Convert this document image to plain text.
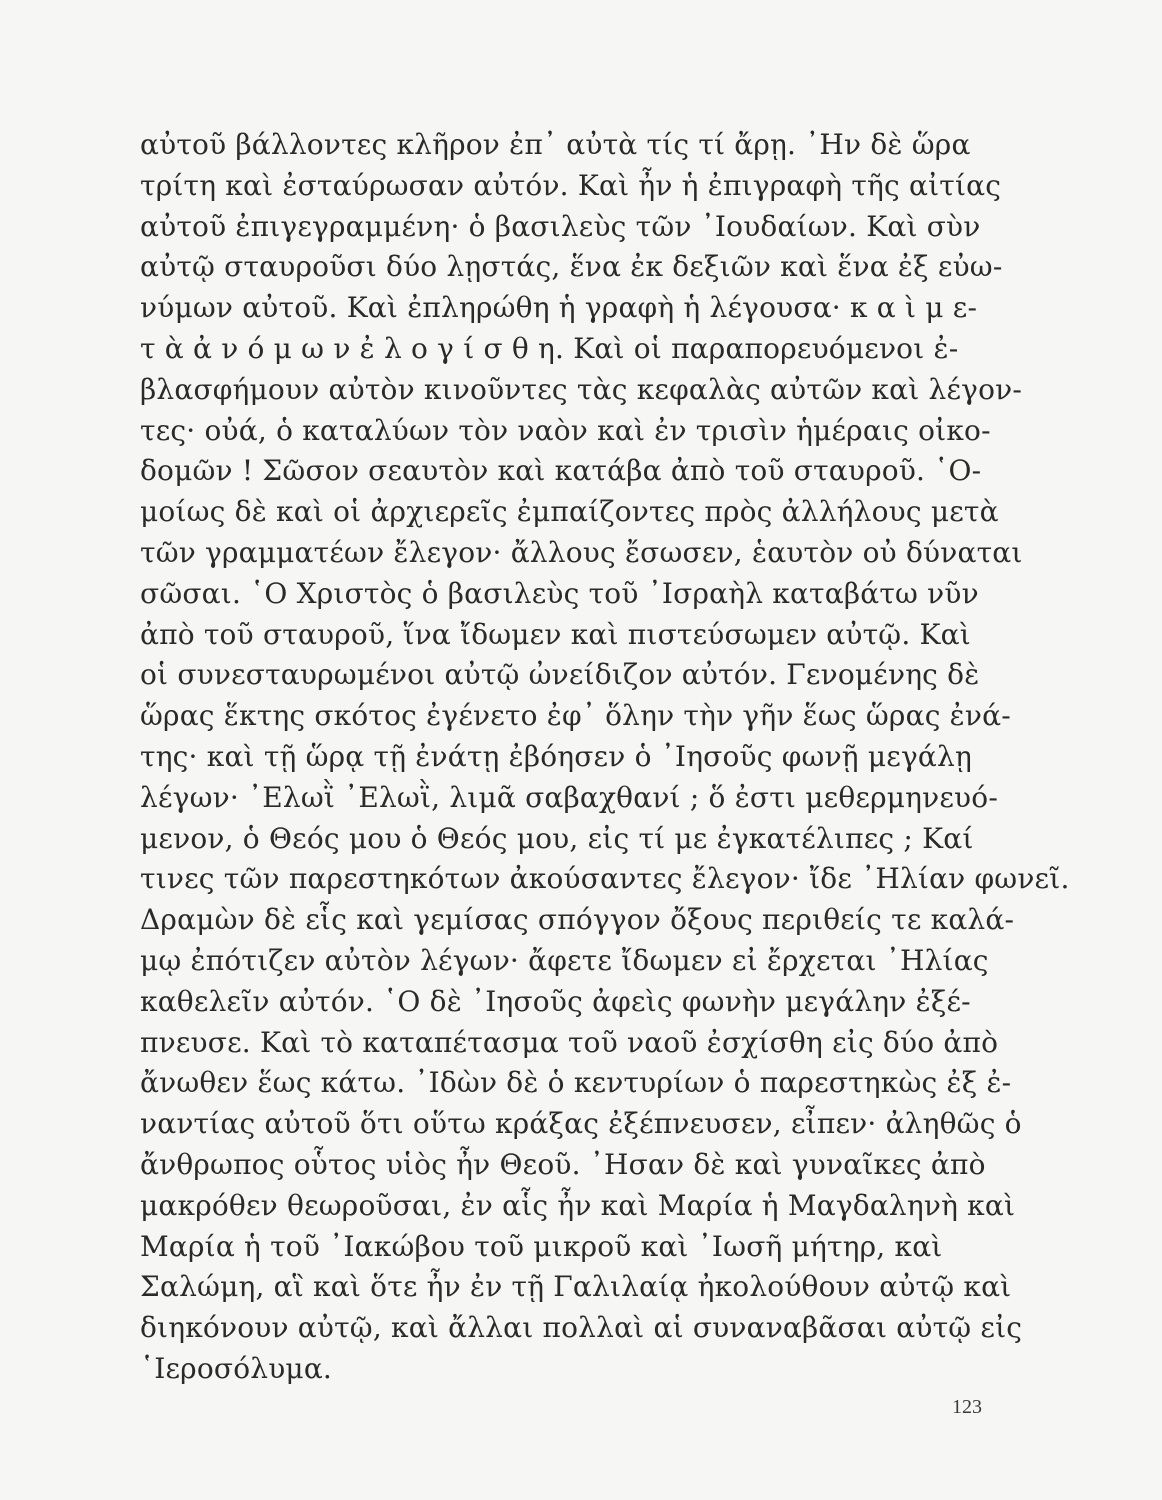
αὐτοῦ βάλλοντες κλῆρον ἐπ᾽ αὐτὰ τίς τί ἄρῃ. ᾿Ην δὲ ὥρα
τρίτη καὶ ἐσταύρωσαν αὐτόν. Καὶ ἦν ἡ ἐπιγραφὴ τῆς αἰτίας
αὐτοῦ ἐπιγεγραμμένη· ὁ βασιλεὺς τῶν ᾿Ιουδαίων. Καὶ σὺν
αὐτῷ σταυροῦσι δύο λῃστάς, ἕνα ἐκ δεξιῶν καὶ ἕνα ἐξ εὐω-
νύμων αὐτοῦ. Καὶ ἐπληρώθη ἡ γραφὴ ἡ λέγουσα· κ α ὶ μ ε-
τ ὰ ἀ ν ό μ ω ν ἐ λ ο γ ί σ θ η. Καὶ οἱ παραπορευόμενοι ἐ-
βλασφήμουν αὐτὸν κινοῦντες τὰς κεφαλὰς αὐτῶν καὶ λέγον-
τες· οὐά, ὁ καταλύων τὸν ναὸν καὶ ἐν τρισὶν ἡμέραις οἰκο-
δομῶν ! Σῶσον σεαυτὸν καὶ κατάβα ἀπὸ τοῦ σταυροῦ. ῾Ο-
μοίως δὲ καὶ οἱ ἀρχιερεῖς ἐμπαίζοντες πρὸς ἀλλήλους μετὰ
τῶν γραμματέων ἔλεγον· ἄλλους ἔσωσεν, ἑαυτὸν οὐ δύναται
σῶσαι. ῾Ο Χριστὸς ὁ βασιλεὺς τοῦ ᾿Ισραὴλ καταβάτω νῦν
ἀπὸ τοῦ σταυροῦ, ἵνα ἴδωμεν καὶ πιστεύσωμεν αὐτῷ. Καὶ
οἱ συνεσταυρωμένοι αὐτῷ ὠνείδιζον αὐτόν. Γενομένης δὲ
ὥρας ἕκτης σκότος ἐγένετο ἐφ᾽ ὅλην τὴν γῆν ἕως ὥρας ἐνά-
της· καὶ τῇ ὥρᾳ τῇ ἐνάτῃ ἐβόησεν ὁ ᾿Ιησοῦς φωνῇ μεγάλῃ
λέγων· ᾿Ελωῒ ᾿Ελωῒ, λιμᾶ σαβαχθανί ; ὅ ἐστι μεθερμηνευό-
μενον, ὁ Θεός μου ὁ Θεός μου, εἰς τί με ἐγκατέλιπες ; Καί
τινες τῶν παρεστηκότων ἀκούσαντες ἔλεγον· ἴδε ᾿Ηλίαν φωνεῖ.
Δραμὼν δὲ εἷς καὶ γεμίσας σπόγγον ὄξους περιθείς τε καλά-
μῳ ἐπότιζεν αὐτὸν λέγων· ἄφετε ἴδωμεν εἰ ἔρχεται ᾿Ηλίας
καθελεῖν αὐτόν. ῾Ο δὲ ᾿Ιησοῦς ἀφεὶς φωνὴν μεγάλην ἐξέ-
πνευσε. Καὶ τὸ καταπέτασμα τοῦ ναοῦ ἐσχίσθη εἰς δύο ἀπὸ
ἄνωθεν ἕως κάτω. ᾿Ιδὼν δὲ ὁ κεντυρίων ὁ παρεστηκὼς ἐξ ἐ-
ναντίας αὐτοῦ ὅτι οὕτω κράξας ἐξέπνευσεν, εἶπεν· ἀληθῶς ὁ
ἄνθρωπος οὗτος υἱὸς ἦν Θεοῦ. ᾿Ησαν δὲ καὶ γυναῖκες ἀπὸ
μακρόθεν θεωροῦσαι, ἐν αἷς ἦν καὶ Μαρία ἡ Μαγδαληνὴ καὶ
Μαρία ἡ τοῦ ᾿Ιακώβου τοῦ μικροῦ καὶ ᾿Ιωσῆ μήτηρ, καὶ
Σαλώμη, αἳ καὶ ὅτε ἦν ἐν τῇ Γαλιλαίᾳ ἠκολούθουν αὐτῷ καὶ
διηκόνουν αὐτῷ, καὶ ἄλλαι πολλαὶ αἱ συναναβᾶσαι αὐτῷ εἰς
῾Ιεροσόλυμα.
123
